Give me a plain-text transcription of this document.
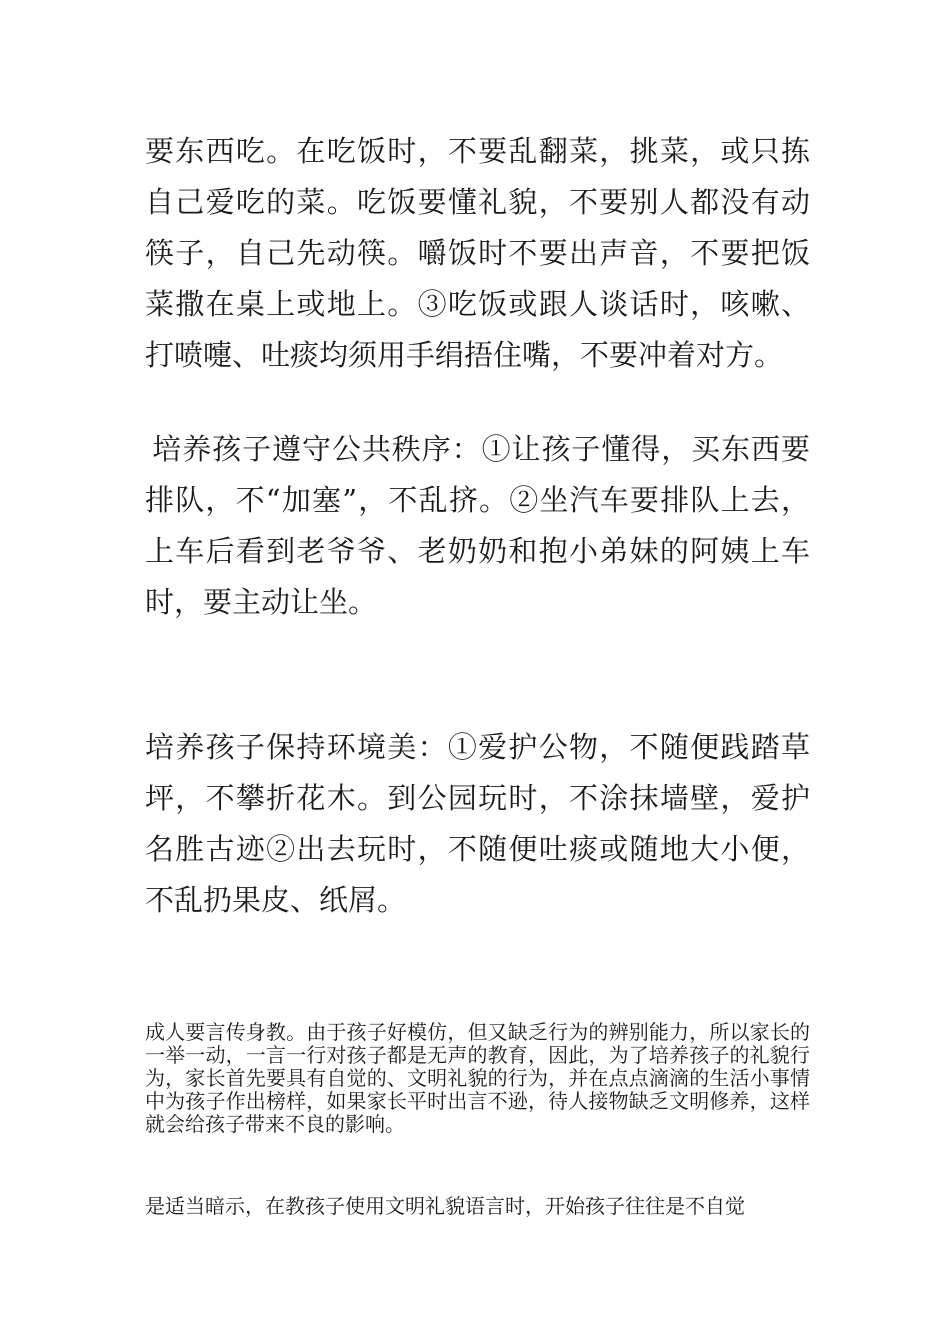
要东西吃。在吃饭时，不要乱翻菜，挑菜，或只拣自己爱吃的菜。吃饭要懂礼貌，不要别人都没有动筷子，自己先动筷。嚼饭时不要出声音，不要把饭菜撒在桌上或地上。③吃饭或跟人谈话时，咳嗽、打喷嚏、吐痰均须用手绢捂住嘴，不要冲着对方。

培养孩子遵守公共秩序：①让孩子懂得，买东西要排队，不“加塞”，不乱挤。②坐汽车要排队上去，上车后看到老爷爷、老奶奶和抱小弟妹的阿姨上车时，要主动让坐。

培养孩子保持环境美：①爱护公物，不随便践踏草坪，不攀折花木。到公园玩时，不涂抹墙壁，爱护名胜古迹②出去玩时，不随便吐痰或随地大小便，不乱扔果皮、纸屑。

成人要言传身教。由于孩子好模仿，但又缺乏行为的辨别能力，所以家长的一举一动，一言一行对孩子都是无声的教育，因此，为了培养孩子的礼貌行为，家长首先要具有自觉的、文明礼貌的行为，并在点点滴滴的生活小事情中为孩子作出榜样，如果家长平时出言不逊，待人接物缺乏文明修养，这样就会给孩子带来不良的影响。

是适当暗示，在教孩子使用文明礼貌语言时，开始孩子往往是不自觉
